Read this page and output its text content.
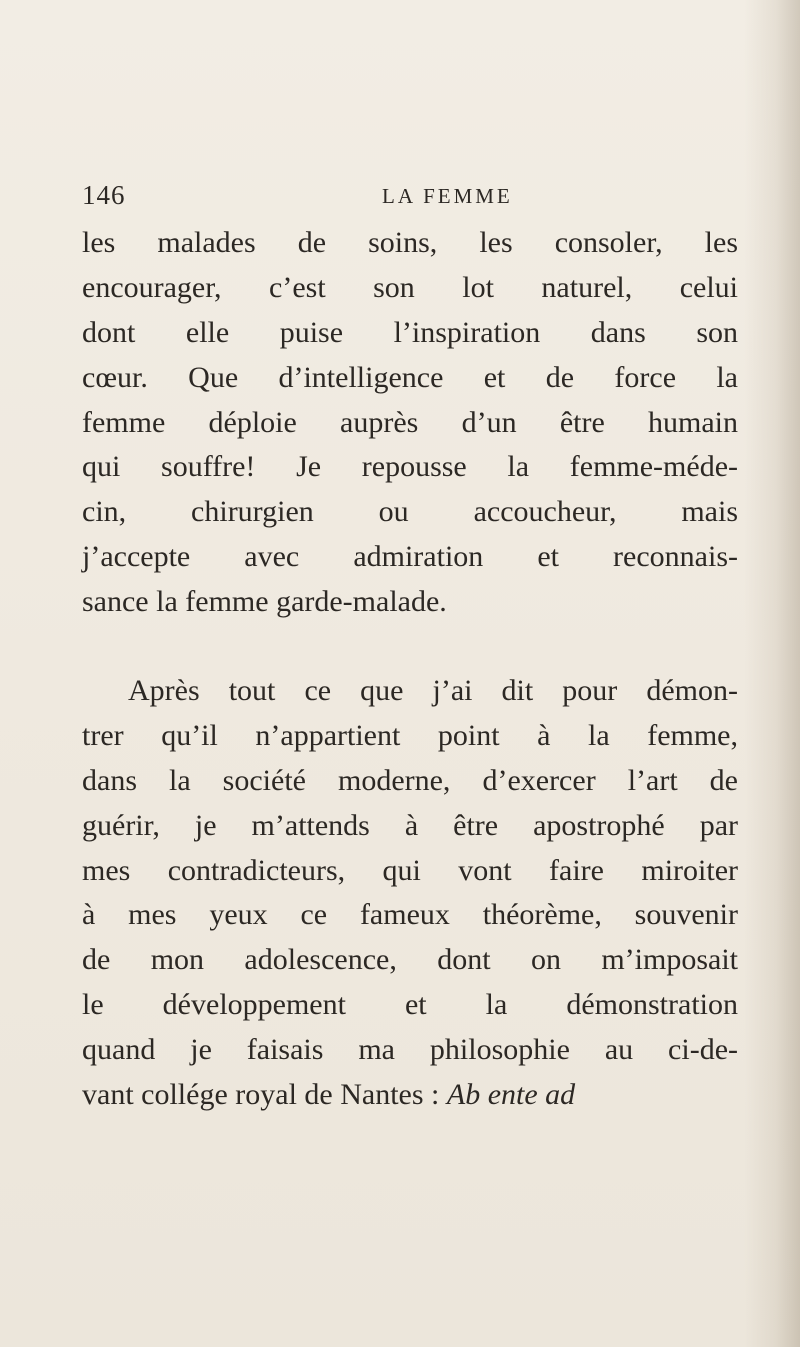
146	LA FEMME
les malades de soins, les consoler, les
encourager, c’est son lot naturel, celui
dont elle puise l’inspiration dans son
cœur. Que d’intelligence et de force la
femme déploie auprès d’un être humain
qui souffre! Je repousse la femme-méde-
cin, chirurgien ou accoucheur, mais
j’accepte avec admiration et reconnais-
sance la femme garde-malade.
Après tout ce que j’ai dit pour démon-
trer qu’il n’appartient point à la femme,
dans la société moderne, d’exercer l’art de
guérir, je m’attends à être apostrophé par
mes contradicteurs, qui vont faire miroiter
à mes yeux ce fameux théorème, souvenir
de mon adolescence, dont on m’imposait
le développement et la démonstration
quand je faisais ma philosophie au ci-de-
vant collége royal de Nantes : Ab ente ad
